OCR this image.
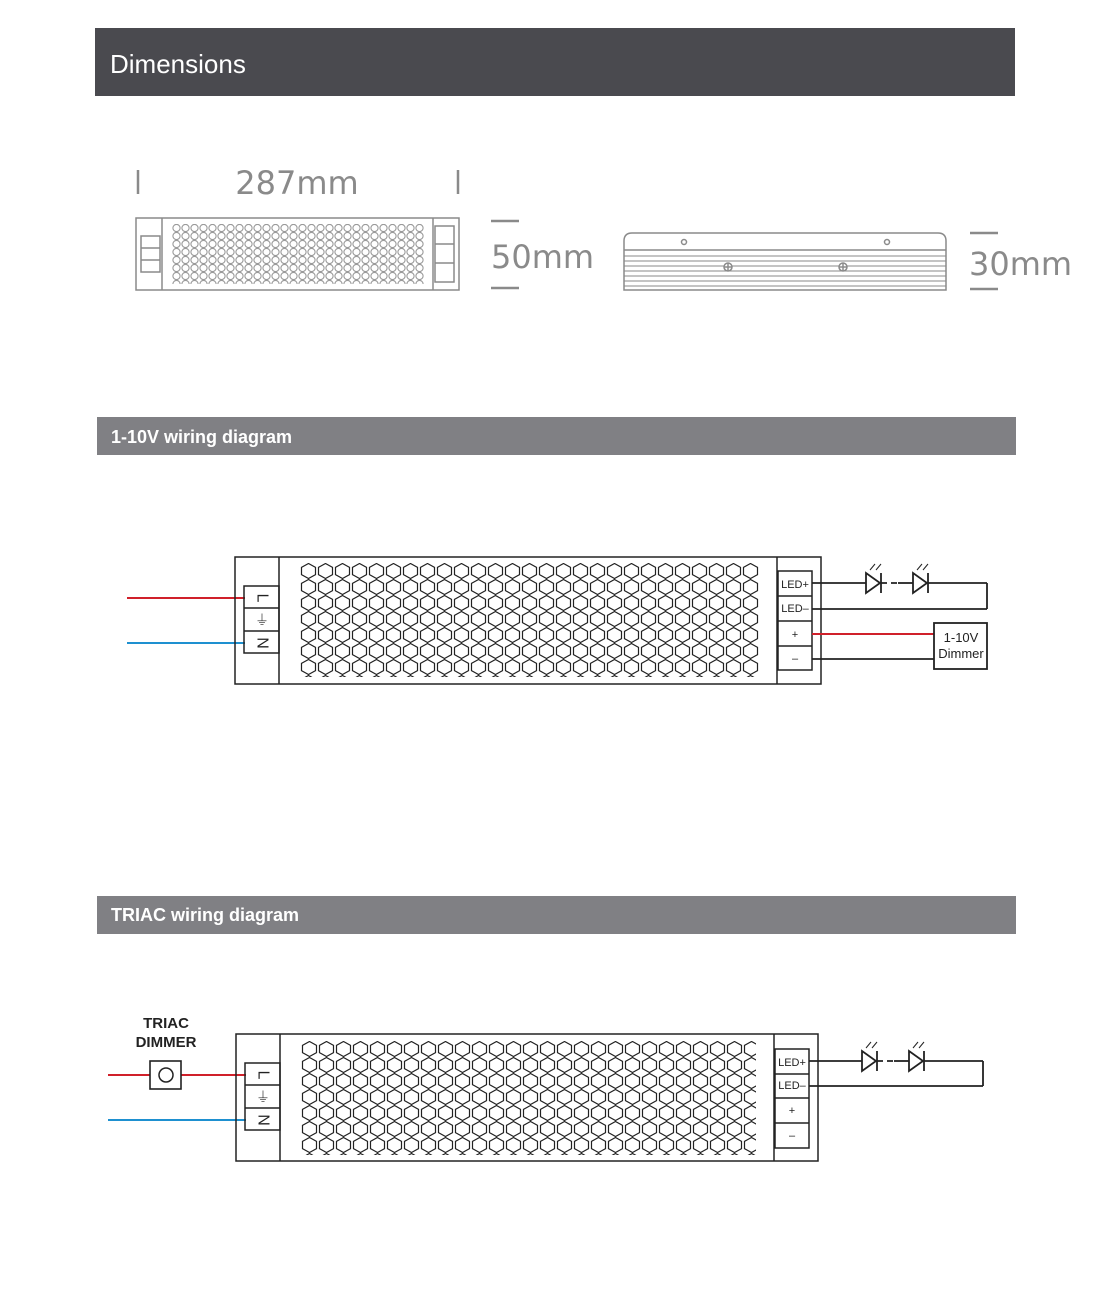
Dimensions
1-10V wiring diagram
TRIAC wiring diagram
287mm
50mm	30mm
L
⏚
N
LED+
LED–
+
–
1-10V
Dimmer
TRIAC
DIMMER
L
⏚
N
LED+
LED–
+
–
